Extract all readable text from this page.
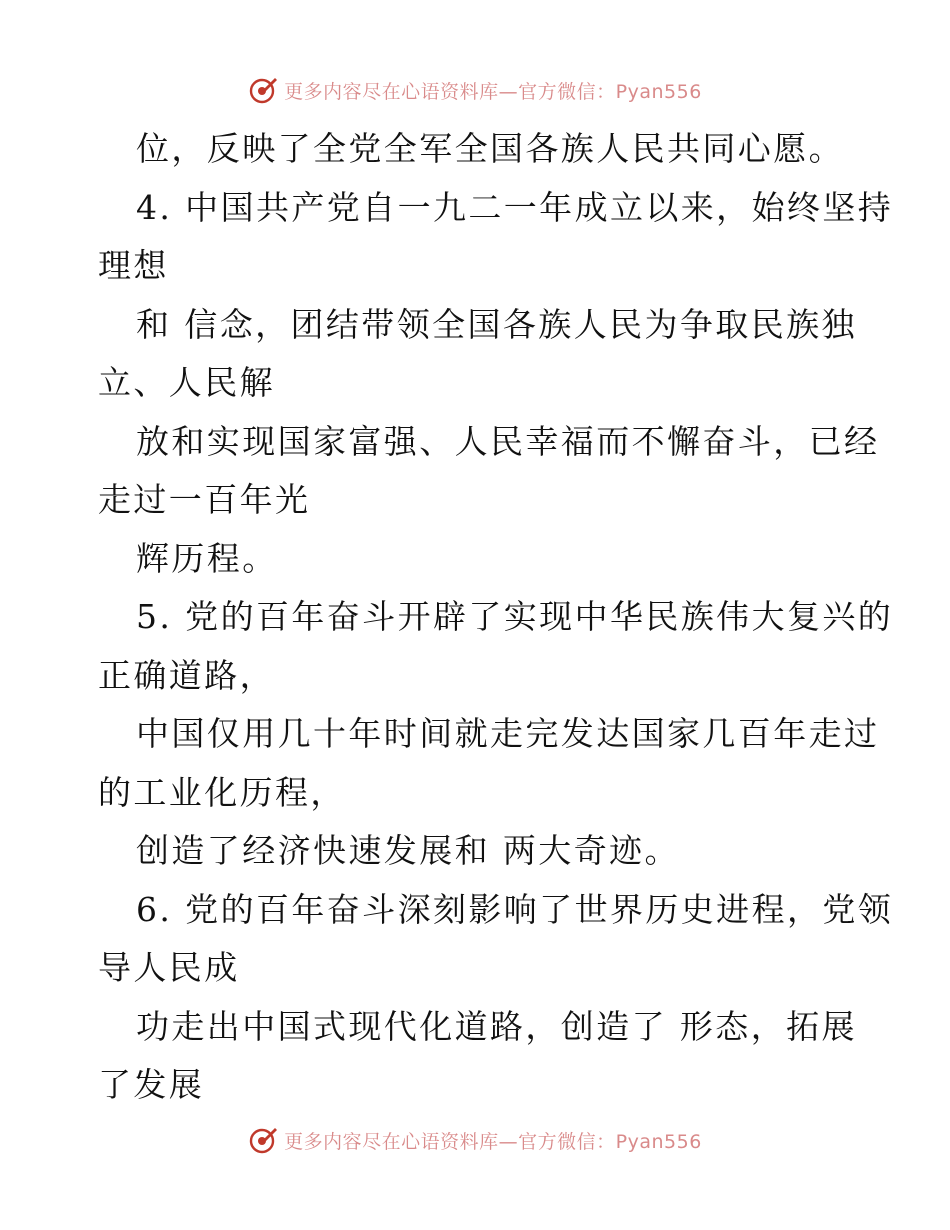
更多内容尽在心语资料库—官方微信：Pyan556
位，反映了全党全军全国各族人民共同心愿。
4. 中国共产党自一九二一年成立以来，始终坚持
理想
和 信念，团结带领全国各族人民为争取民族独
立、人民解
放和实现国家富强、人民幸福而不懈奋斗，已经
走过一百年光
辉历程。
5. 党的百年奋斗开辟了实现中华民族伟大复兴的
正确道路，
中国仅用几十年时间就走完发达国家几百年走过
的工业化历程，
创造了经济快速发展和 两大奇迹。
6. 党的百年奋斗深刻影响了世界历史进程，党领
导人民成
功走出中国式现代化道路，创造了 形态，拓展
了发展
更多内容尽在心语资料库—官方微信：Pyan556
